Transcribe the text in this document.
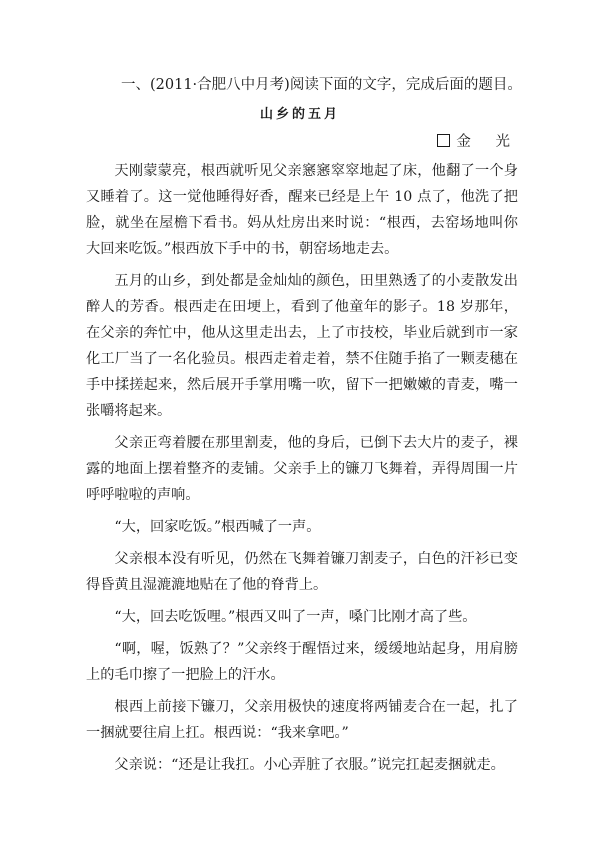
一、(2011·合肥八中月考)阅读下面的文字，完成后面的题目。
山乡的五月
金 光

天刚蒙蒙亮，根西就听见父亲窸窸窣窣地起了床，他翻了一个身又睡着了。这一觉他睡得好香，醒来已经是上午 10 点了，他洗了把脸，就坐在屋檐下看书。妈从灶房出来时说：“根西，去窑场地叫你大回来吃饭。”根西放下手中的书，朝窑场地走去。

五月的山乡，到处都是金灿灿的颜色，田里熟透了的小麦散发出醉人的芳香。根西走在田埂上，看到了他童年的影子。18 岁那年，在父亲的奔忙中，他从这里走出去，上了市技校，毕业后就到市一家化工厂当了一名化验员。根西走着走着，禁不住随手掐了一颗麦穗在手中揉搓起来，然后展开手掌用嘴一吹，留下一把嫩嫩的青麦，嘴一张嚼将起来。

父亲正弯着腰在那里割麦，他的身后，已倒下去大片的麦子，裸露的地面上摆着整齐的麦铺。父亲手上的镰刀飞舞着，弄得周围一片呼呼啦啦的声响。

“大，回家吃饭。”根西喊了一声。

父亲根本没有听见，仍然在飞舞着镰刀割麦子，白色的汗衫已变得昏黄且湿漉漉地贴在了他的脊背上。

“大，回去吃饭哩。”根西又叫了一声，嗓门比刚才高了些。

“啊，喔，饭熟了？”父亲终于醒悟过来，缓缓地站起身，用肩膀上的毛巾擦了一把脸上的汗水。

根西上前接下镰刀，父亲用极快的速度将两铺麦合在一起，扎了一捆就要往肩上扛。根西说：“我来拿吧。”

父亲说：“还是让我扛。小心弄脏了衣服。”说完扛起麦捆就走。
